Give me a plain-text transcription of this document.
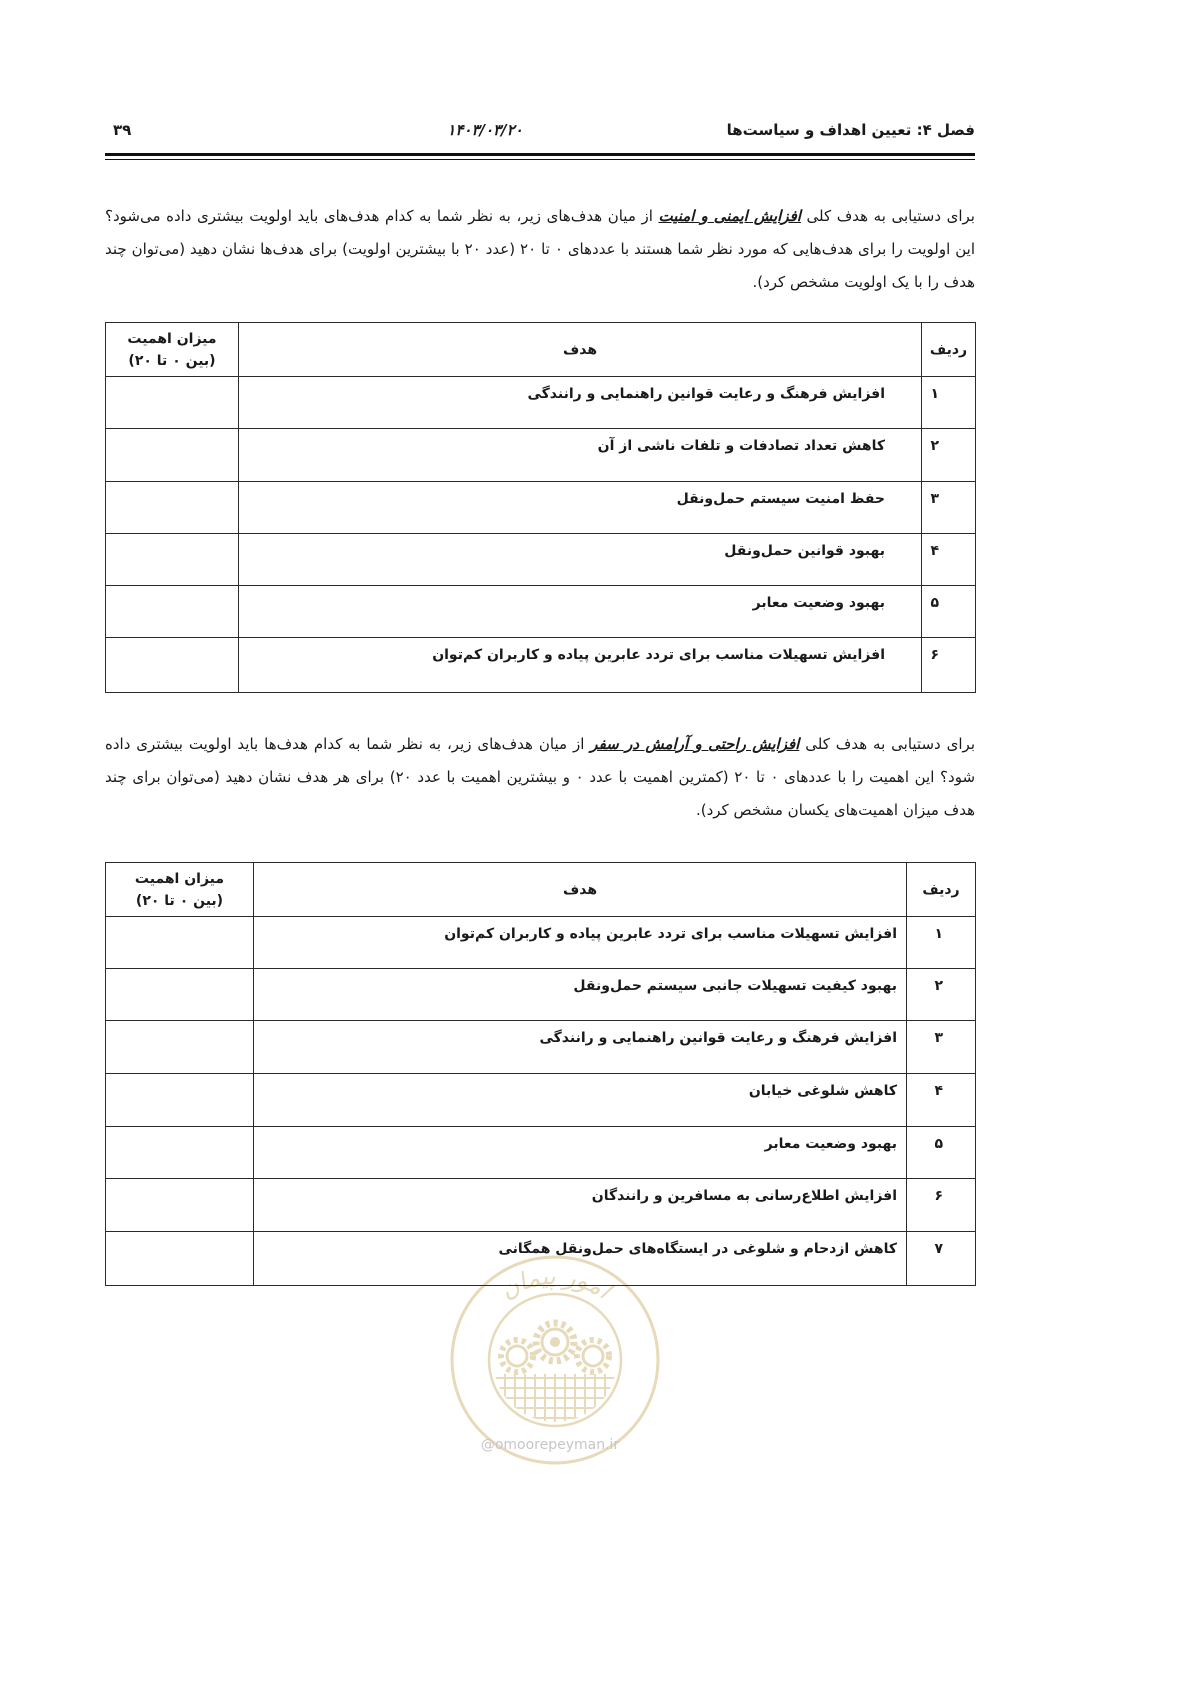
فصل ۴: تعیین اهداف و سیاست‌ها
۱۴۰۳/۰۳/۲۰
۳۹
امور پیمان
@omoorepeyman.ir

برای دستیابی به هدف کلی افزایش ایمنی و امنیت از میان هدف‌های زیر، به نظر شما به کدام هدف‌های باید اولویت بیشتری داده می‌شود؟ این اولویت را برای هدف‌هایی که مورد نظر شما هستند با عددهای ۰ تا ۲۰ (عدد ۲۰ با بیشترین اولویت) برای هدف‌ها نشان دهید (می‌توان چند هدف را با یک اولویت مشخص کرد).

ردیف	هدف	میزان اهمیت
(بین ۰ تا ۲۰)

۱	افزایش فرهنگ و رعایت قوانین راهنمایی و رانندگی	
۲	کاهش تعداد تصادفات و تلفات ناشی از آن	
۳	حفظ امنیت سیستم حمل‌ونقل	
۴	بهبود قوانین حمل‌ونقل	
۵	بهبود وضعیت معابر	
۶	افزایش تسهیلات مناسب برای تردد عابرین پیاده و کاربران کم‌توان	

برای دستیابی به هدف کلی افزایش راحتی و آرامش در سفر از میان هدف‌های زیر، به نظر شما به کدام هدف‌ها باید اولویت بیشتری داده شود؟ این اهمیت را با عددهای ۰ تا ۲۰ (کمترین اهمیت با عدد ۰ و بیشترین اهمیت با عدد ۲۰) برای هر هدف نشان دهید (می‌توان برای چند هدف میزان اهمیت‌های یکسان مشخص کرد).

ردیف	هدف	میزان اهمیت
(بین ۰ تا ۲۰)

۱	افزایش تسهیلات مناسب برای تردد عابرین پیاده و کاربران کم‌توان	
۲	بهبود کیفیت تسهیلات جانبی سیستم حمل‌ونقل	
۳	افزایش فرهنگ و رعایت قوانین راهنمایی و رانندگی	
۴	کاهش شلوغی خیابان	
۵	بهبود وضعیت معابر	
۶	افزایش اطلاع‌رسانی به مسافرین و رانندگان	
۷	کاهش ازدحام و شلوغی در ایستگاه‌های حمل‌ونقل همگانی	
